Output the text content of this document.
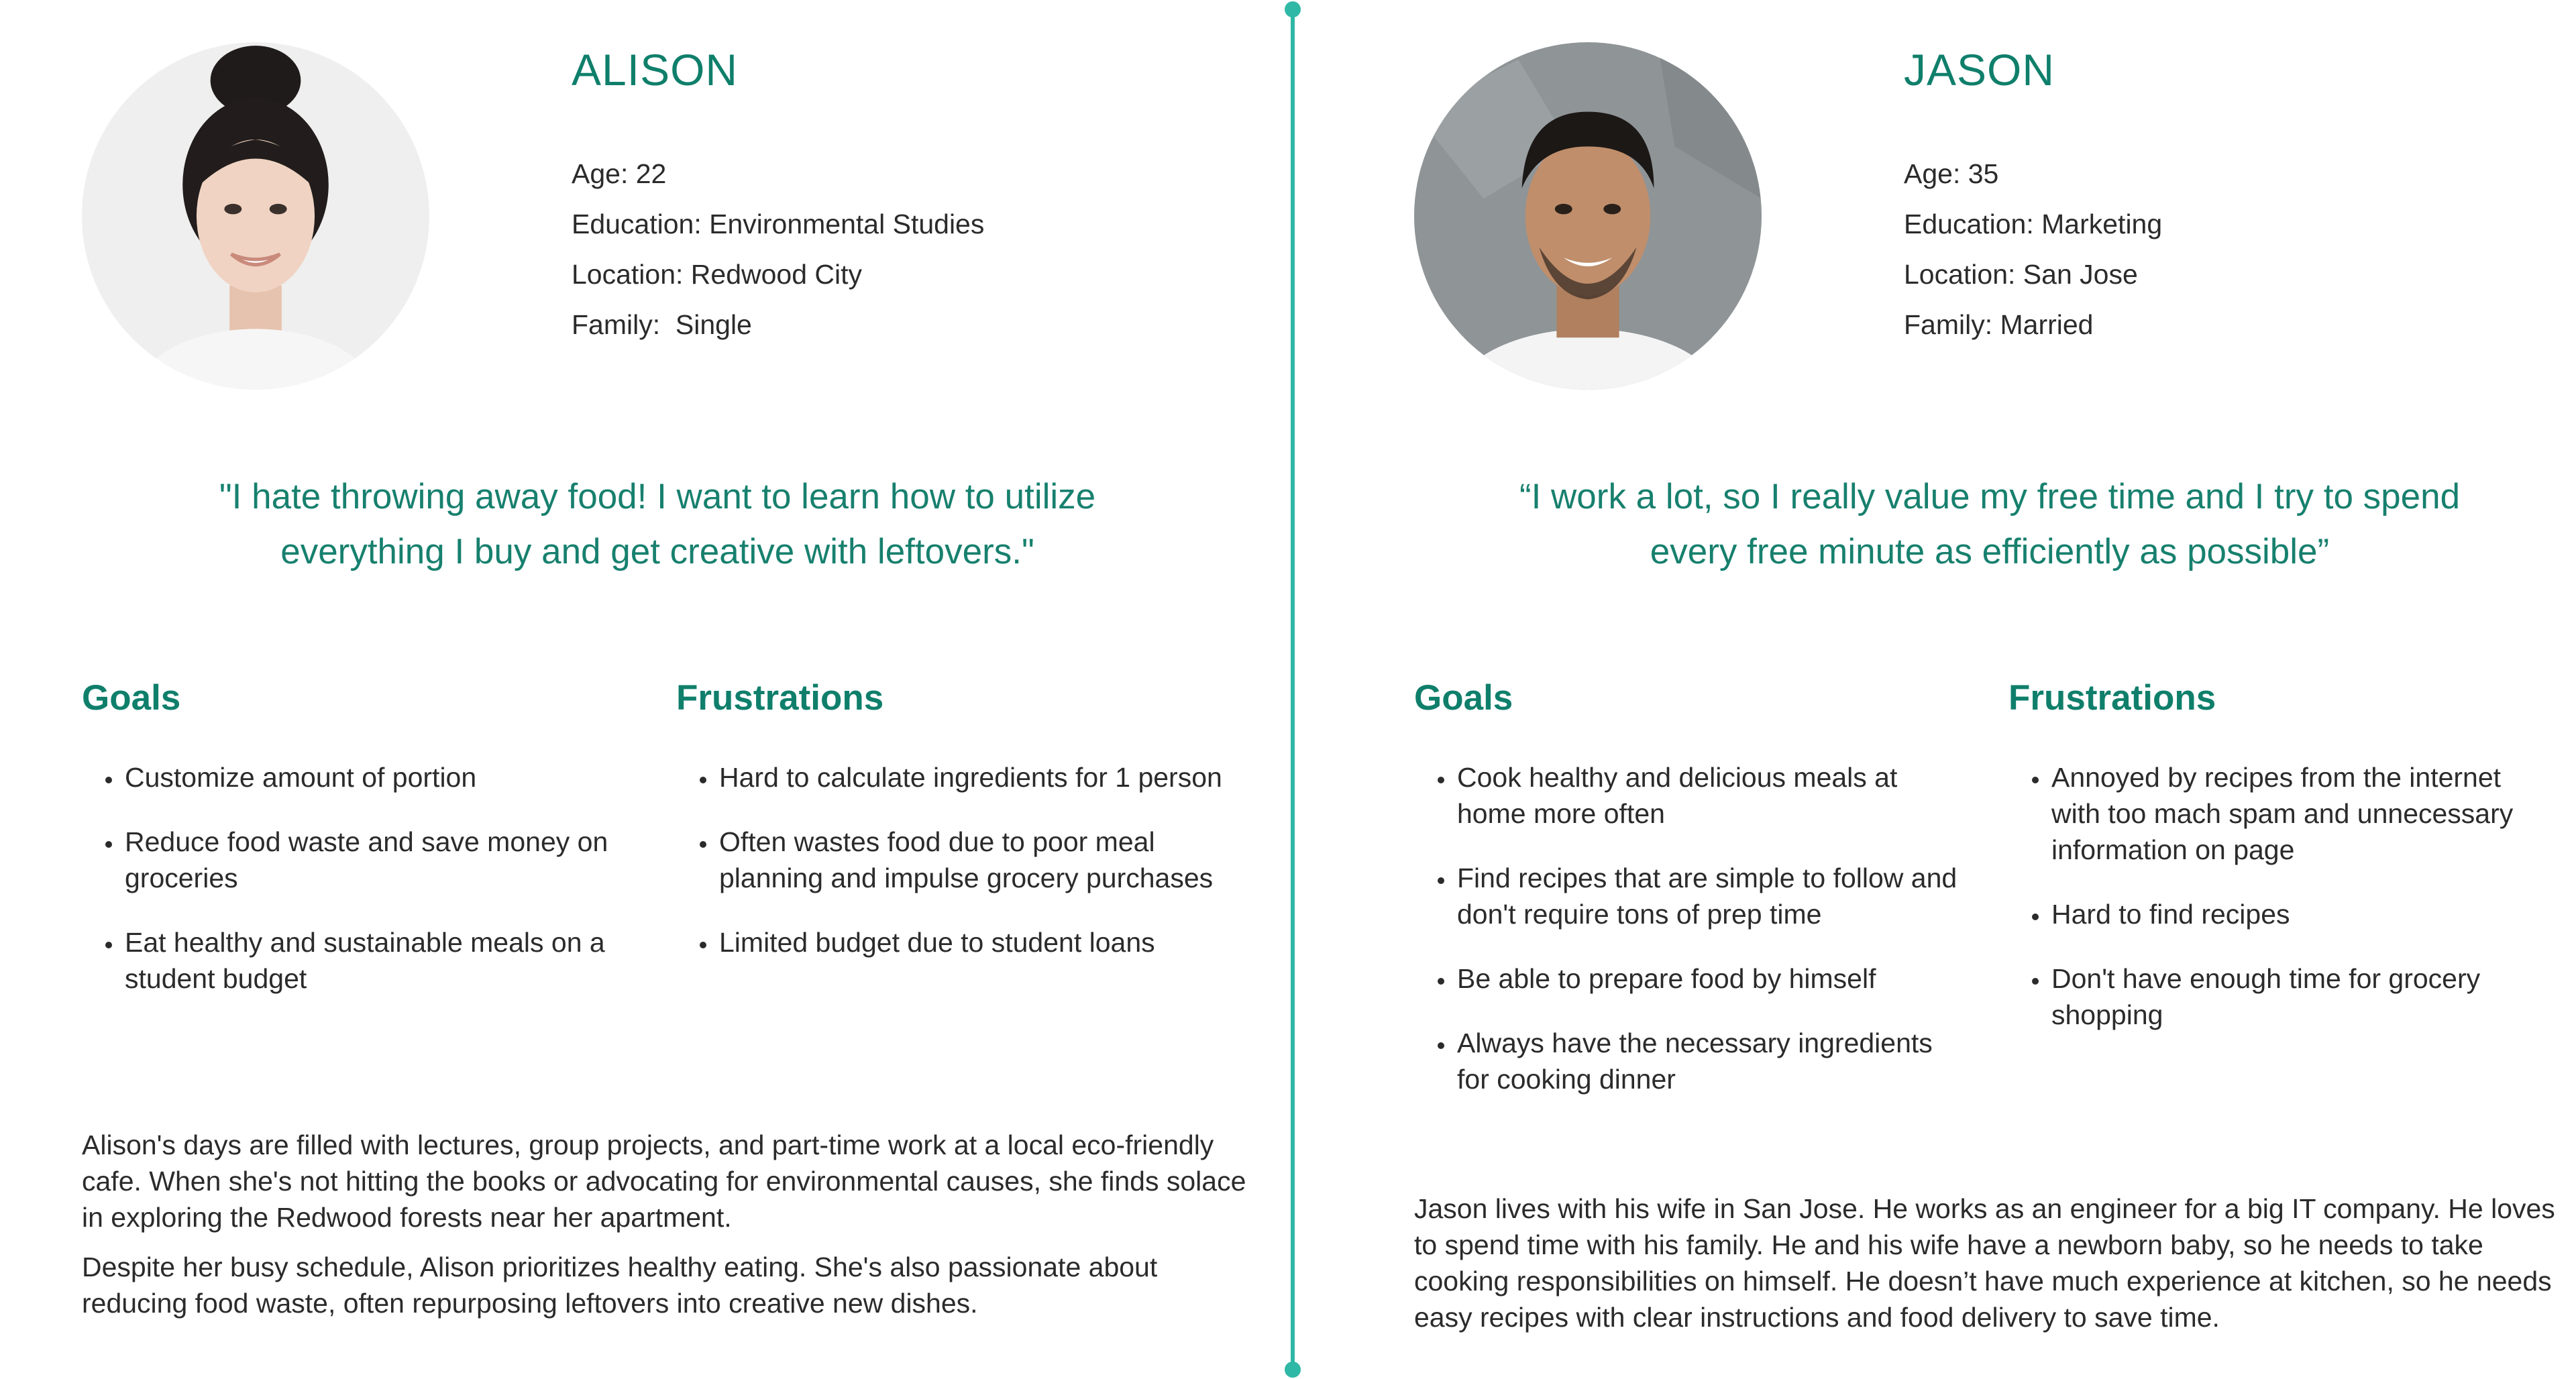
ALISON
Age: 22
Education: Environmental Studies
Location: Redwood City
Family:  Single
"I hate throwing away food! I want to learn how to utilize
everything I buy and get creative with leftovers."
Goals	Frustrations
• Customize amount of portion
• Reduce food waste and save money on groceries
• Eat healthy and sustainable meals on a student budget
• Hard to calculate ingredients for 1 person
• Often wastes food due to poor meal planning and impulse grocery purchases
• Limited budget due to student loans

Alison's days are filled with lectures, group projects, and part-time work at a local eco-friendly cafe. When she's not hitting the books or advocating for environmental causes, she finds solace in exploring the Redwood forests near her apartment.

Despite her busy schedule, Alison prioritizes healthy eating. She's also passionate about reducing food waste, often repurposing leftovers into creative new dishes.

JASON
Age: 35
Education: Marketing
Location: San Jose
Family: Married
“I work a lot, so I really value my free time and I try to spend
every free minute as efficiently as possible”
Goals	Frustrations
• Cook healthy and delicious meals at home more often
• Find recipes that are simple to follow and don't require tons of prep time
• Be able to prepare food by himself
• Always have the necessary ingredients for cooking dinner
• Annoyed by recipes from the internet with too mach spam and unnecessary information on page
• Hard to find recipes
• Don't have enough time for grocery shopping

Jason lives with his wife in San Jose. He works as an engineer for a big IT company. He loves to spend time with his family. He and his wife have a newborn baby, so he needs to take cooking responsibilities on himself. He doesn’t have much experience at kitchen, so he needs easy recipes with clear instructions and food delivery to save time.
